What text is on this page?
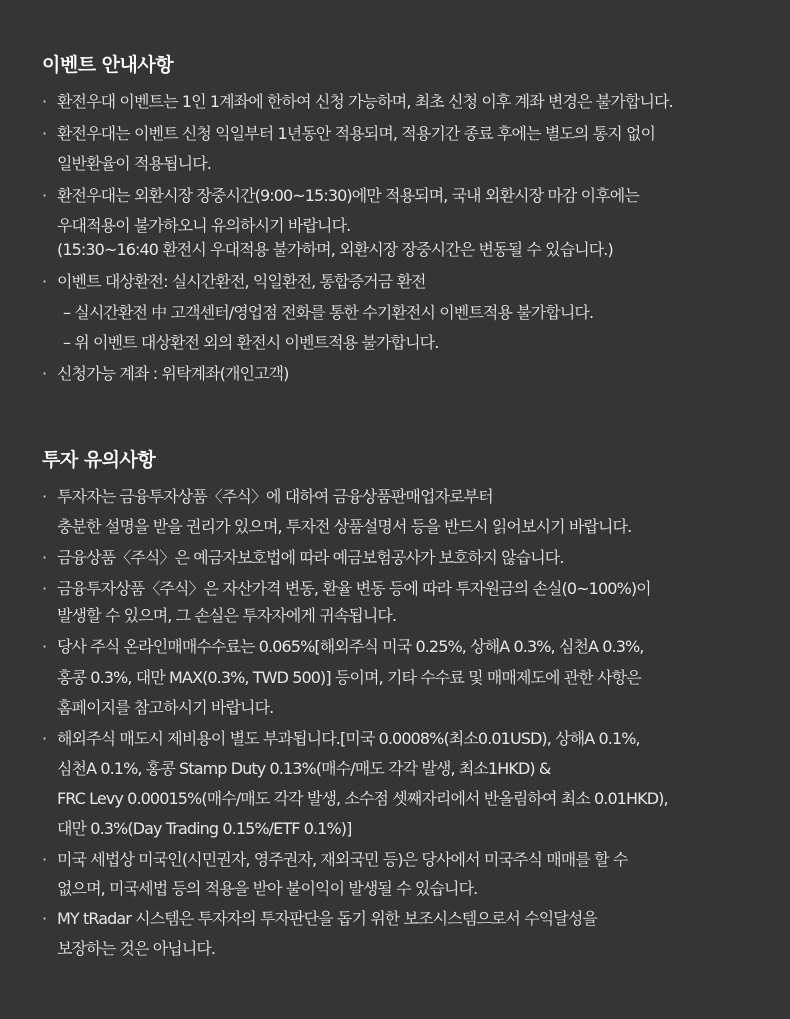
이벤트 안내사항
· 환전우대 이벤트는 1인 1계좌에 한하여 신청 가능하며, 최초 신청 이후 계좌 변경은 불가합니다.
· 환전우대는 이벤트 신청 익일부터 1년동안 적용되며, 적용기간 종료 후에는 별도의 통지 없이
일반환율이 적용됩니다.
· 환전우대는 외환시장 장중시간(9:00~15:30)에만 적용되며, 국내 외환시장 마감 이후에는
우대적용이 불가하오니 유의하시기 바랍니다.
(15:30~16:40 환전시 우대적용 불가하며, 외환시장 장중시간은 변동될 수 있습니다.)
· 이벤트 대상환전: 실시간환전, 익일환전, 통합증거금 환전
– 실시간환전 中 고객센터/영업점 전화를 통한 수기환전시 이벤트적용 불가합니다.
– 위 이벤트 대상환전 외의 환전시 이벤트적용 불가합니다.
· 신청가능 계좌 : 위탁계좌(개인고객)
투자 유의사항
· 투자자는 금융투자상품〈주식〉에 대하여 금융상품판매업자로부터
충분한 설명을 받을 권리가 있으며, 투자전 상품설명서 등을 반드시 읽어보시기 바랍니다.
· 금융상품〈주식〉은 예금자보호법에 따라 예금보험공사가 보호하지 않습니다.
· 금융투자상품〈주식〉은 자산가격 변동, 환율 변동 등에 따라 투자원금의 손실(0~100%)이
발생할 수 있으며, 그 손실은 투자자에게 귀속됩니다.
· 당사 주식 온라인매매수수료는 0.065%[해외주식 미국 0.25%, 상해A 0.3%, 심천A 0.3%,
홍콩 0.3%, 대만 MAX(0.3%, TWD 500)] 등이며, 기타 수수료 및 매매제도에 관한 사항은
홈페이지를 참고하시기 바랍니다.
· 해외주식 매도시 제비용이 별도 부과됩니다.[미국 0.0008%(최소0.01USD), 상해A 0.1%,
심천A 0.1%, 홍콩 Stamp Duty 0.13%(매수/매도 각각 발생, 최소1HKD) &
FRC Levy 0.00015%(매수/매도 각각 발생, 소수점 셋째자리에서 반올림하여 최소 0.01HKD),
대만 0.3%(Day Trading 0.15%/ETF 0.1%)]
· 미국 세법상 미국인(시민권자, 영주권자, 재외국민 등)은 당사에서 미국주식 매매를 할 수
없으며, 미국세법 등의 적용을 받아 불이익이 발생될 수 있습니다.
· MY tRadar 시스템은 투자자의 투자판단을 돕기 위한 보조시스템으로서 수익달성을
보장하는 것은 아닙니다.
